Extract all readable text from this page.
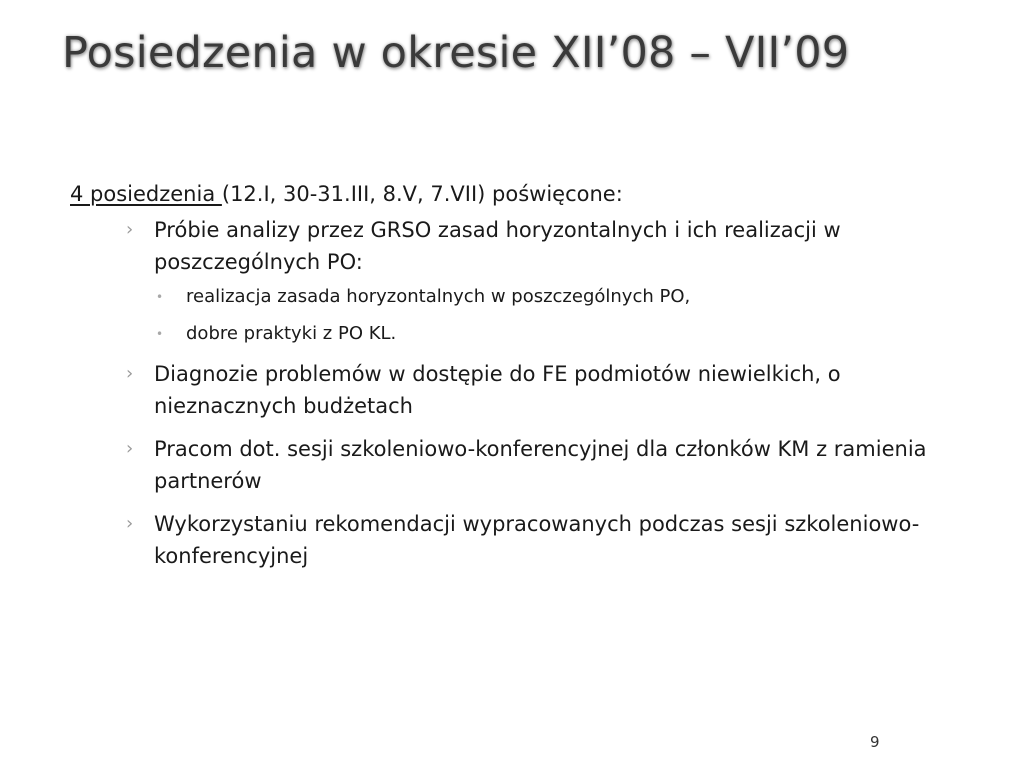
Posiedzenia w okresie XII’08 – VII’09

4 posiedzenia (12.I, 30-31.III, 8.V, 7.VII) poświęcone:

› Próbie analizy przez GRSO zasad horyzontalnych i ich realizacji w poszczególnych PO:
• realizacja zasada horyzontalnych w poszczególnych PO,
• dobre praktyki z PO KL.
› Diagnozie problemów w dostępie do FE podmiotów niewielkich, o nieznacznych budżetach
› Pracom dot. sesji szkoleniowo-konferencyjnej dla członków KM z ramienia partnerów
› Wykorzystaniu rekomendacji wypracowanych podczas sesji szkoleniowo-konferencyjnej
9
